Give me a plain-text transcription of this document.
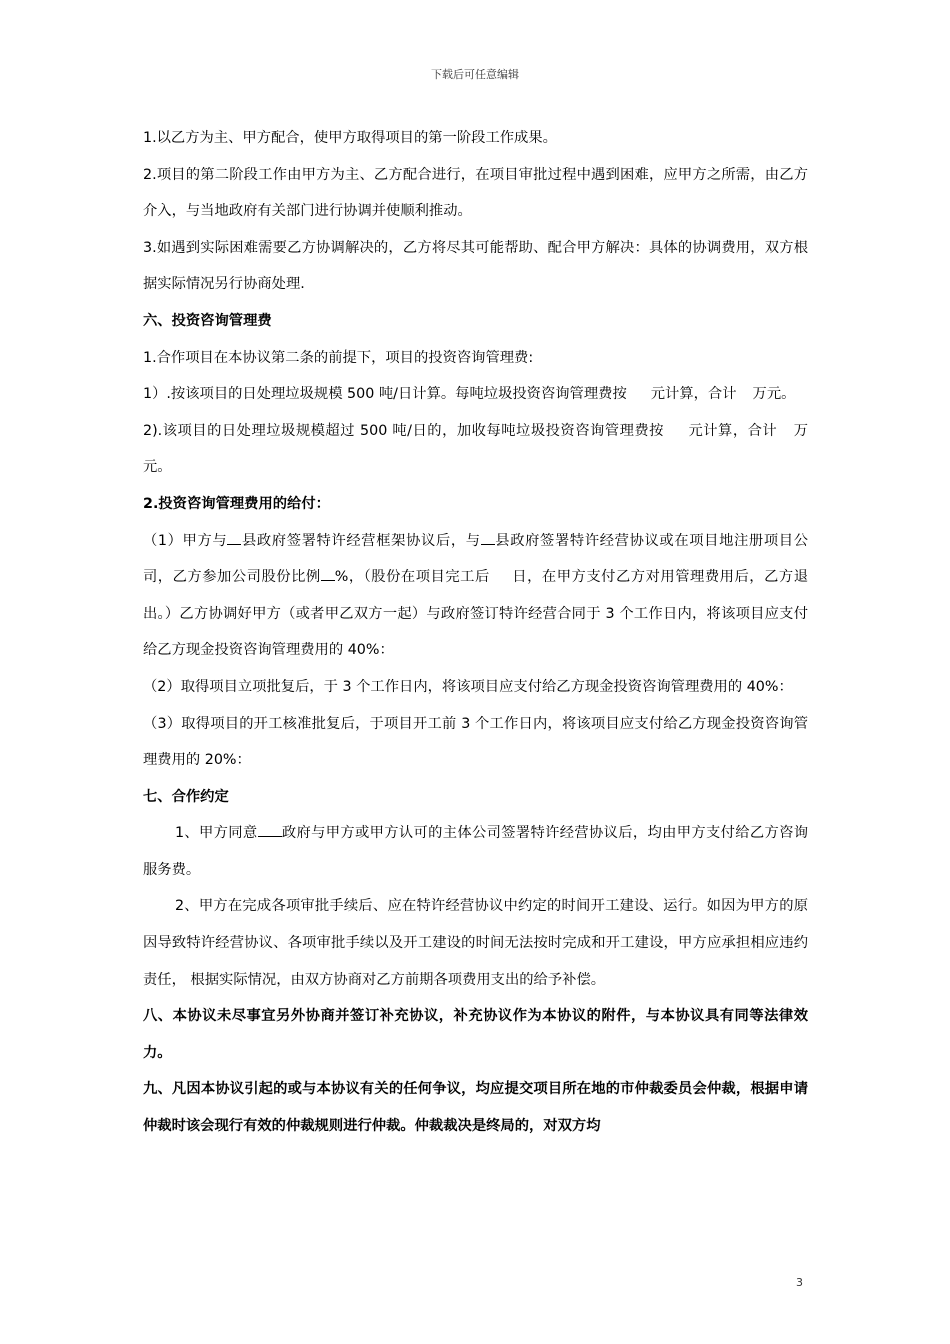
下载后可任意编辑

1.以乙方为主、甲方配合，使甲方取得项目的第一阶段工作成果。

2.项目的第二阶段工作由甲方为主、乙方配合进行，在项目审批过程中遇到困难，应甲方之所需，由乙方介入，与当地政府有关部门进行协调并使顺利推动。

3.如遇到实际困难需要乙方协调解决的，乙方将尽其可能帮助、配合甲方解决：具体的协调费用，双方根据实际情况另行协商处理.

六、投资咨询管理费

1.合作项目在本协议第二条的前提下，项目的投资咨询管理费:

1）.按该项目的日处理垃圾规模 500 吨/日计算。每吨垃圾投资咨询管理费按 元计算，合计 万元。

2).该项目的日处理垃圾规模超过 500 吨/日的，加收每吨垃圾投资咨询管理费按 元计算，合计 万元。

2.投资咨询管理费用的给付：

（1）甲方与 县政府签署特许经营框架协议后，与 县政府签署特许经营协议或在项目地注册项目公司，乙方参加公司股份比例 %，（股份在项目完工后 日，在甲方支付乙方对用管理费用后，乙方退出。）乙方协调好甲方（或者甲乙双方一起）与政府签订特许经营合同于 3 个工作日内，将该项目应支付给乙方现金投资咨询管理费用的 40%：

（2）取得项目立项批复后，于 3 个工作日内，将该项目应支付给乙方现金投资咨询管理费用的 40%：

（3）取得项目的开工核准批复后，于项目开工前 3 个工作日内，将该项目应支付给乙方现金投资咨询管理费用的 20%：

七、合作约定

1、甲方同意 政府与甲方或甲方认可的主体公司签署特许经营协议后，均由甲方支付给乙方咨询服务费。

2、甲方在完成各项审批手续后、应在特许经营协议中约定的时间开工建设、运行。如因为甲方的原因导致特许经营协议、各项审批手续以及开工建设的时间无法按时完成和开工建设，甲方应承担相应违约责任， 根据实际情况，由双方协商对乙方前期各项费用支出的给予补偿。

八、本协议未尽事宜另外协商并签订补充协议，补充协议作为本协议的附件，与本协议具有同等法律效力。

九、凡因本协议引起的或与本协议有关的任何争议，均应提交项目所在地的市仲裁委员会仲裁，根据申请仲裁时该会现行有效的仲裁规则进行仲裁。仲裁裁决是终局的，对双方均

3
